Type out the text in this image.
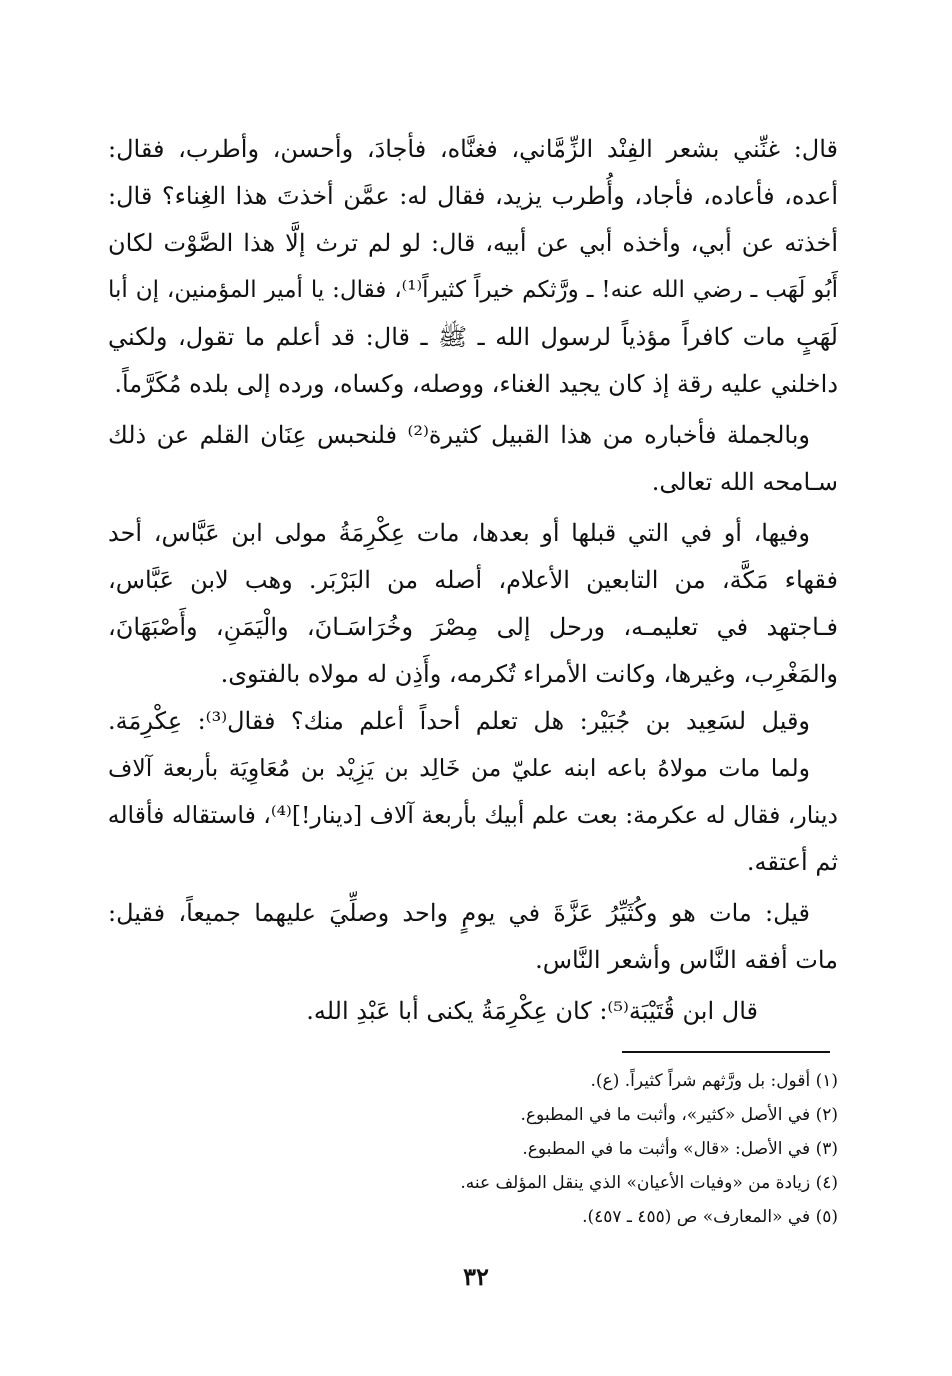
قال: غنِّني بشعر الفِنْد الزِّمَّاني، فغنَّاه، فأجادَ، وأحسن، وأطرب، فقال:
أعده، فأعاده، فأجاد، وأُطرب يزيد، فقال له: عمَّن أخذتَ هذا الغِناء؟ قال:
أخذته عن أبي، وأخذه أبي عن أبيه، قال: لو لم ترث إلَّا هذا الصَّوْت لكان
أَبُو لَهَب ـ رضي الله عنه! ـ ورَّثكم خيراً كثيراً⁽¹⁾، فقال: يا أمير المؤمنين، إن أبا
لَهَبٍ مات كافراً مؤذياً لرسول الله ـ ﷺ ـ قال: قد أعلم ما تقول، ولكني
داخلني عليه رقة إذ كان يجيد الغناء، ووصله، وكساه، ورده إلى بلده مُكَرَّماً.
وبالجملة فأخباره من هذا القبيل كثيرة⁽²⁾ فلنحبس عِنَان القلم عن ذلك
سـامحه الله تعالى.
وفيها، أو في التي قبلها أو بعدها، مات عِكْرِمَةُ مولى ابن عَبَّاس، أحد
فقهاء مَكَّة، من التابعين الأعلام، أصله من البَرْبَر. وهب لابن عَبَّاس،
فـاجتهد في تعليمـه، ورحل إلى مِصْرَ وخُرَاسَـانَ، والْيَمَنِ، وأَصْبَهَانَ،
والمَغْرِب، وغيرها، وكانت الأمراء تُكرمه، وأَذِن له مولاه بالفتوى.
وقيل لسَعِيد بن جُبَيْر: هل تعلم أحداً أعلم منك؟ فقال⁽³⁾: عِكْرِمَة.
ولما مات مولاهُ باعه ابنه عليّ من خَالِد بن يَزِيْد بن مُعَاوِيَة بأربعة آلاف
دينار، فقال له عكرمة: بعت علم أبيك بأربعة آلاف [دينار!]⁽⁴⁾، فاستقاله فأقاله
ثم أعتقه.
قيل: مات هو وكُثَيِّرُ عَزَّةَ في يومٍ واحد وصلِّيَ عليهما جميعاً، فقيل:
مات أفقه النَّاس وأشعر النَّاس.
قال ابن قُتَيْبَة⁽⁵⁾: كان عِكْرِمَةُ يكنى أبا عَبْدِ الله.
(١) أقول: بل ورَّثهم شراً كثيراً. (ع).
(٢) في الأصل «كثير»، وأثبت ما في المطبوع.
(٣) في الأصل: «قال» وأثبت ما في المطبوع.
(٤) زيادة من «وفيات الأعيان» الذي ينقل المؤلف عنه.
(٥) في «المعارف» ص (٤٥٥ ـ ٤٥٧).
٣٢
